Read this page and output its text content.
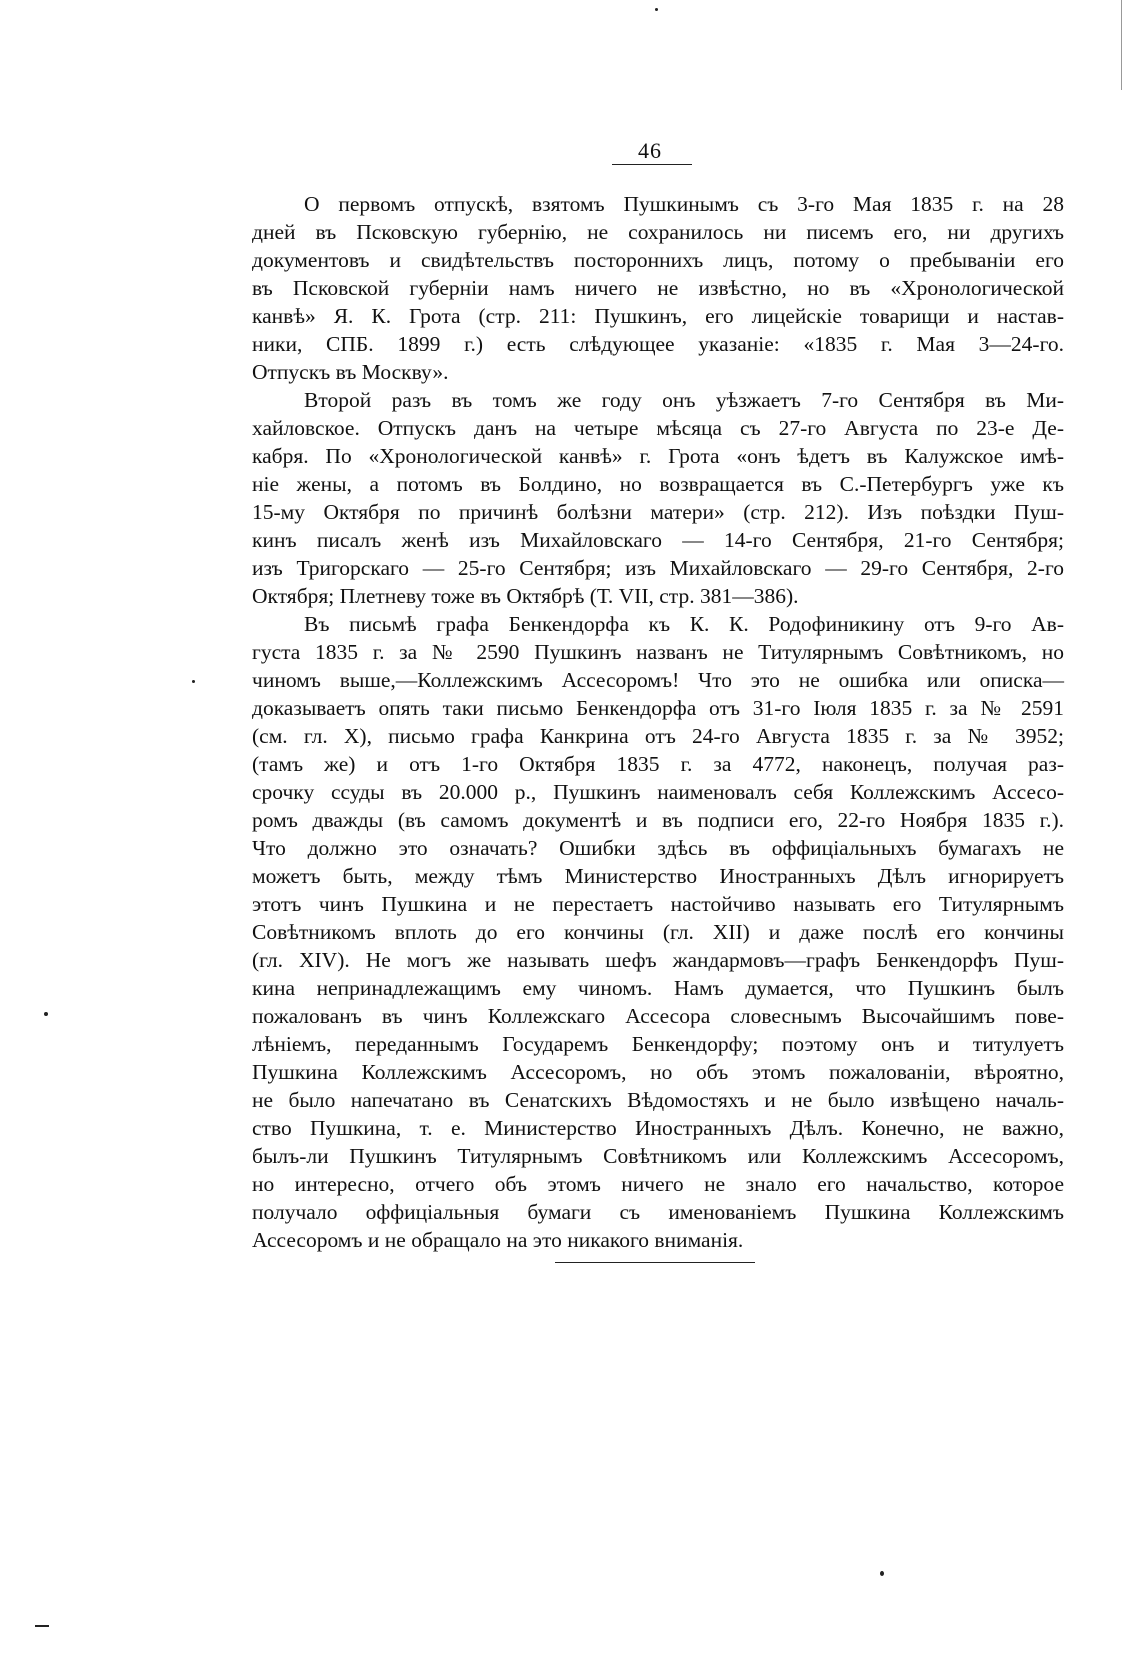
46
О первомъ отпускѣ, взятомъ Пушкинымъ съ 3-го Мая 1835 г. на 28
дней въ Псковскую губернію, не сохранилось ни писемъ его, ни другихъ
документовъ и свидѣтельствъ постороннихъ лицъ, потому о пребываніи его
въ Псковской губерніи намъ ничего не извѣстно, но въ «Хронологической
канвѣ» Я. К. Грота (стр. 211: Пушкинъ, его лицейскіе товарищи и настав-
ники, СПБ. 1899 г.) есть слѣдующее указаніе: «1835 г. Мая 3—24-го.
Отпускъ въ Москву».
Второй разъ въ томъ же году онъ уѣзжаетъ 7-го Сентября въ Ми-
хайловское. Отпускъ данъ на четыре мѣсяца съ 27-го Августа по 23-е Де-
кабря. По «Хронологической канвѣ» г. Грота «онъ ѣдетъ въ Калужское имѣ-
ніе жены, а потомъ въ Болдино, но возвращается въ С.-Петербургъ уже къ
15-му Октября по причинѣ болѣзни матери» (стр. 212). Изъ поѣздки Пуш-
кинъ писалъ женѣ изъ Михайловскаго — 14-го Сентября, 21-го Сентября;
изъ Тригорскаго — 25-го Сентября; изъ Михайловскаго — 29-го Сентября, 2-го
Октября; Плетневу тоже въ Октябрѣ (Т. VII, стр. 381—386).
Въ письмѣ графа Бенкендорфа къ К. К. Родофиникину отъ 9-го Ав-
густа 1835 г. за № 2590 Пушкинъ названъ не Титулярнымъ Совѣтникомъ, но
чиномъ выше,—Коллежскимъ Ассесоромъ! Что это не ошибка или описка—
доказываетъ опять таки письмо Бенкендорфа отъ 31-го Іюля 1835 г. за № 2591
(см. гл. X), письмо графа Канкрина отъ 24-го Августа 1835 г. за № 3952;
(тамъ же) и отъ 1-го Октября 1835 г. за 4772, наконецъ, получая раз-
срочку ссуды въ 20.000 р., Пушкинъ наименовалъ себя Коллежскимъ Ассесо-
ромъ дважды (въ самомъ документѣ и въ подписи его, 22-го Ноября 1835 г.).
Что должно это означать? Ошибки здѣсь въ оффиціальныхъ бумагахъ не
можетъ быть, между тѣмъ Министерство Иностранныхъ Дѣлъ игнорируетъ
этотъ чинъ Пушкина и не перестаетъ настойчиво называть его Титулярнымъ
Совѣтникомъ вплоть до его кончины (гл. XII) и даже послѣ его кончины
(гл. XIV). Не могъ же называть шефъ жандармовъ—графъ Бенкендорфъ Пуш-
кина непринадлежащимъ ему чиномъ. Намъ думается, что Пушкинъ былъ
пожалованъ въ чинъ Коллежскаго Ассесора словеснымъ Высочайшимъ пове-
лѣніемъ, переданнымъ Государемъ Бенкендорфу; поэтому онъ и титулуетъ
Пушкина Коллежскимъ Ассесоромъ, но объ этомъ пожалованіи, вѣроятно,
не было напечатано въ Сенатскихъ Вѣдомостяхъ и не было извѣщено началь-
ство Пушкина, т. е. Министерство Иностранныхъ Дѣлъ. Конечно, не важно,
былъ-ли Пушкинъ Титулярнымъ Совѣтникомъ или Коллежскимъ Ассесоромъ,
но интересно, отчего объ этомъ ничего не знало его начальство, которое
получало оффиціальныя бумаги съ именованіемъ Пушкина Коллежскимъ
Ассесоромъ и не обращало на это никакого вниманія.
